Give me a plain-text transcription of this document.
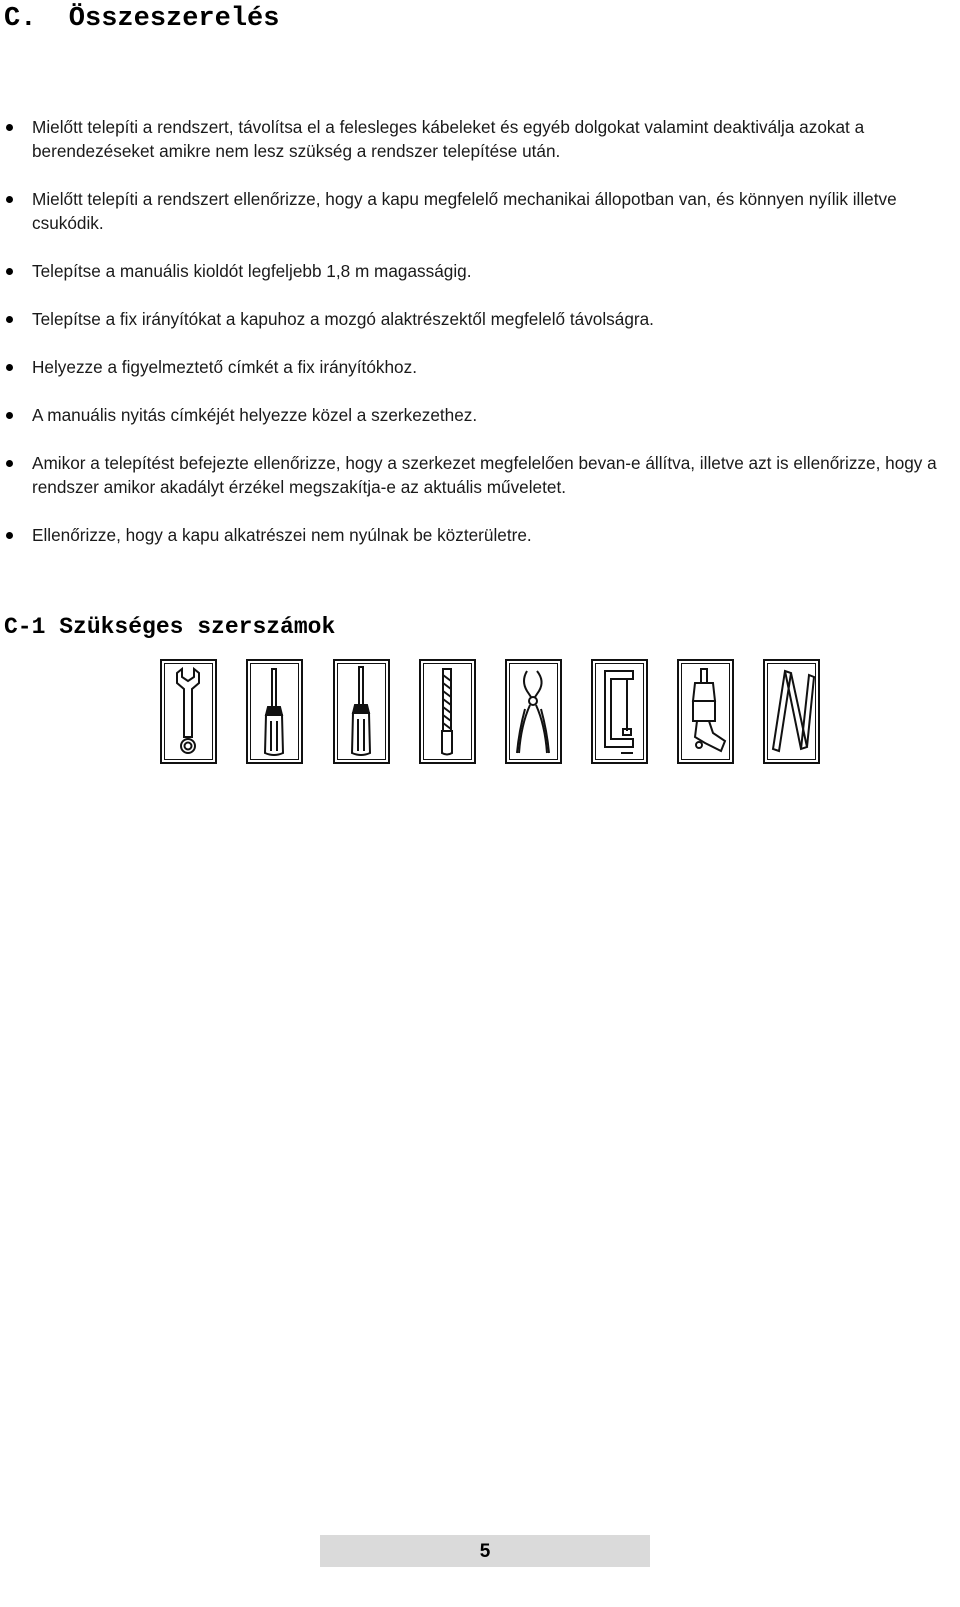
C.  Összeszerelés
Mielőtt telepíti a rendszert, távolítsa el a felesleges kábeleket és egyéb dolgokat valamint deaktiválja azokat a berendezéseket amikre nem lesz szükség a rendszer telepítése után.
Mielőtt telepíti a rendszert ellenőrizze, hogy a kapu megfelelő mechanikai állopotban van, és könnyen nyílik illetve csukódik.
Telepítse a manuális kioldót legfeljebb 1,8 m magasságig.
Telepítse a fix irányítókat a kapuhoz a mozgó alaktrészektől megfelelő távolságra.
Helyezze a figyelmeztető címkét a fix irányítókhoz.
A manuális nyitás címkéjét helyezze közel a szerkezethez.
Amikor a telepítést befejezte ellenőrizze, hogy a szerkezet megfelelően bevan-e állítva, illetve azt is ellenőrizze, hogy a rendszer amikor akadályt érzékel megszakítja-e az aktuális műveletet.
Ellenőrizze, hogy a kapu alkatrészei nem nyúlnak be közterületre.
C-1 Szükséges szerszámok
5
